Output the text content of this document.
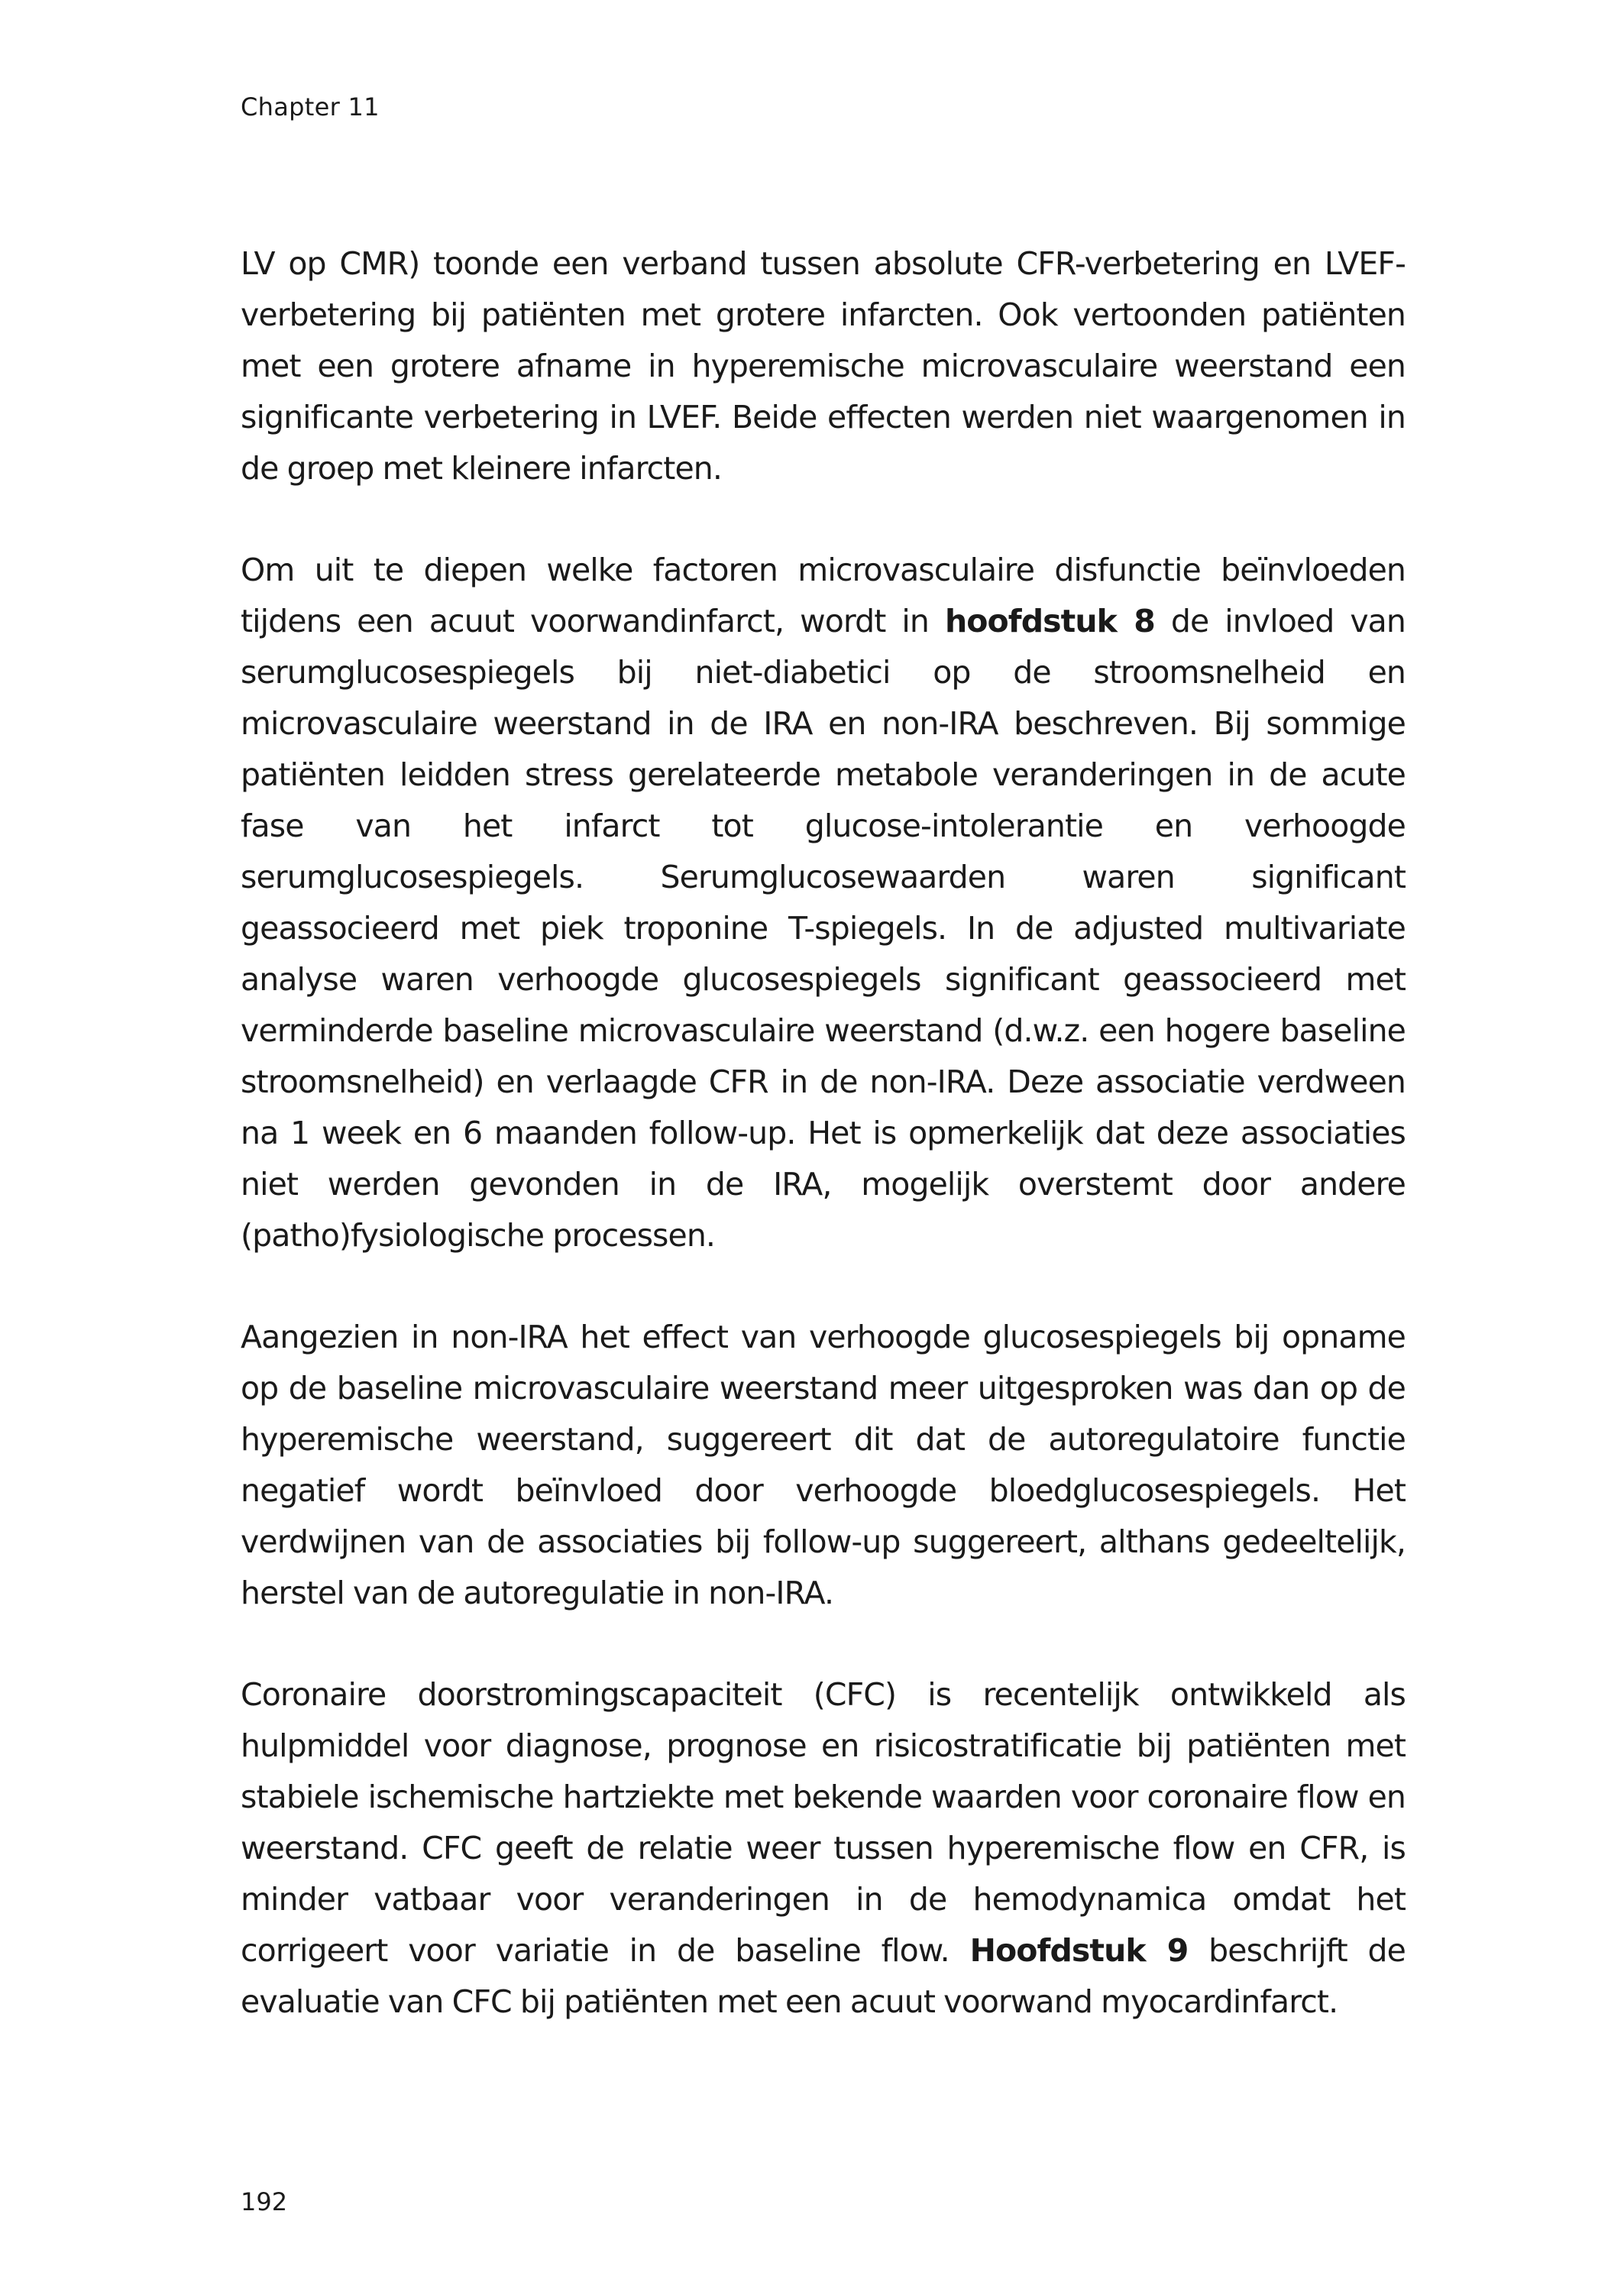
Chapter 11

LV op CMR) toonde een verband tussen absolute CFR-verbetering en LVEF-verbetering bij patiënten met grotere infarcten. Ook vertoonden patiënten met een grotere afname in hyperemische microvasculaire weerstand een significante verbetering in LVEF. Beide effecten werden niet waargenomen in de groep met kleinere infarcten.

Om uit te diepen welke factoren microvasculaire disfunctie beïnvloeden tijdens een acuut voorwandinfarct, wordt in hoofdstuk 8 de invloed van serumglucosespiegels bij niet-diabetici op de stroomsnelheid en microvasculaire weerstand in de IRA en non-IRA beschreven. Bij sommige patiënten leidden stress gerelateerde metabole veranderingen in de acute fase van het infarct tot glucose-intolerantie en verhoogde serumglucosespiegels. Serumglucosewaarden waren significant geassocieerd met piek troponine T-spiegels. In de adjusted multivariate analyse waren verhoogde glucosespiegels significant geassocieerd met verminderde baseline microvasculaire weerstand (d.w.z. een hogere baseline stroomsnelheid) en verlaagde CFR in de non-IRA. Deze associatie verdween na 1 week en 6 maanden follow-up. Het is opmerkelijk dat deze associaties niet werden gevonden in de IRA, mogelijk overstemt door andere (patho)fysiologische processen.

Aangezien in non-IRA het effect van verhoogde glucosespiegels bij opname op de baseline microvasculaire weerstand meer uitgesproken was dan op de hyperemische weerstand, suggereert dit dat de autoregulatoire functie negatief wordt beïnvloed door verhoogde bloedglucosespiegels. Het verdwijnen van de associaties bij follow-up suggereert, althans gedeeltelijk, herstel van de autoregulatie in non-IRA.

Coronaire doorstromingscapaciteit (CFC) is recentelijk ontwikkeld als hulpmiddel voor diagnose, prognose en risicostratificatie bij patiënten met stabiele ischemische hartziekte met bekende waarden voor coronaire flow en weerstand. CFC geeft de relatie weer tussen hyperemische flow en CFR, is minder vatbaar voor veranderingen in de hemodynamica omdat het corrigeert voor variatie in de baseline flow. Hoofdstuk 9 beschrijft de evaluatie van CFC bij patiënten met een acuut voorwand myocardinfarct.

192
